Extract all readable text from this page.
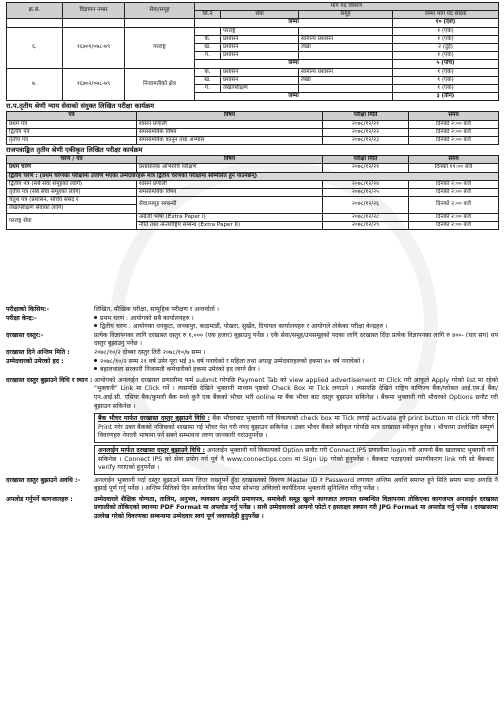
क्र.सं.	विज्ञापन नम्बर	सेवा/समूह	माग पद विवरण			
			सि.न	सेवा	समूह	जम्मा माग पद संख्या
			जम्मा			१० (दश)
६.	१६७०१/०७८-७९	परराष्ट्र		परराष्ट्र		१ (एक)
			क.	प्रशासन	सामान्य प्रशासन	१ (एक)
			ख.	प्रशासन	लेखा	२ (दुई)
			ग.	प्रशासन		१ (एक)
			जम्मा			५ (पाँच)
७.	१६७०२/०७८-७९	निजामतीको क्षेत्र	क.	प्रशासन	सामान्य प्रशासन	१ (एक)
			ख.	प्रशासन	लेखा	१ (एक)
			ग.	लेखापरीक्षण		१ (एक)
			जम्मा			३ (तीन)
रा.प.तृतीय श्रेणी न्याय सेवाको संयुक्त लिखित परीक्षा कार्यक्रम
पत्र	विषय	परीक्षा मिति	समय
प्रथम पत्र	शासन प्रणाली	२०७८/१२/२१	दिनको २:०० बजे
द्वितीय पत्र	समसामयिक विषय	२०७८/१२/२२	दिनको २:०० बजे
तृतीय पत्र	समसामयिक कानून तथा अभ्यास	२०७८/१२/२३	दिनको २:०० बजे
राजपत्राङ्कित तृतीय श्रेणी एकीकृत लिखित परीक्षा कार्यक्रम
चरण / पत्र	विषय	परीक्षा मिति	समय
प्रथम चरण	प्रशासनिक अभिरुचि परीक्षण	२०७८/१२/२१	दिनको ११:०० बजे
द्वितीय चरण : (प्रथम चरणको परीक्षामा उत्तीर्ण भएका उम्मेदवारहरू मात्र द्वितीय चरणको परीक्षामा सम्मिलित हुन पाउनेछन्)			
द्वितीय पत्र (सबै सेवा समूहको लागि)	शासन प्रणाली	२०७८/१२/२४	दिनको २:०० बजे
तृतीय पत्र (सबै सेवा समूहको लागि)	समसामयिक विषय	२०७८/१२/२५	दिनको २:०० बजे
चतुर्थ पत्र (प्रशासन, सचिव संसद र	सेवा/समूह सम्बन्धी	२०७८/१२/२६	दिनको २:०० बजे
लेखापरीक्षण सेवाको लागि)			
परराष्ट्र सेवा	अंग्रेजी भाषा (Extra Paper I)	२०७८/१२/२८	दिनको २:०० बजे
	नीति तथा अन्तर्राष्ट्रिय सम्बन्ध (Extra Paper II)	२०७८/१२/२९	दिनको २:०० बजे
परीक्षाको किसिम:-	लिखित, मौखिक परीक्षा, सामूहिक परीक्षण र अन्तर्वार्ता ।
परीक्षा केन्द्र:-	प्रथम चरण : आयोगको सबै कार्यालयहरु ।
द्वितीय चरण : आयोगका धनकुटा, जनकपुर, काठमाडौं, पोखरा, सुर्खेत, दिपायल कार्यालयहरु र आयोगले तोकेका परीक्षा केन्द्रहरु ।
दरखास्त दस्तुर:-	प्रत्येक विज्ञापनका लागि दरखास्त दस्तुर रु १,००० (एक हजार) बुझाउनु पर्नेछ । एकै सेवा/समूह/उपसमूहको पदका लागि दरखास्त दिँदा प्रत्येक विज्ञापनका लागि रु ४००- (चार सय) थप दस्तुर बुझाउनु पर्नेछ ।
दरखास्त दिने अन्तिम मिति :	२०७८/१०/२ दोब्बर दस्तुर तिरी २०७८/१०/७ सम्म ।
उम्मेदवारको उमेरको हद :	२०७८/१०/२ सम्म २१ वर्ष उमेर पूरा भई ३५ वर्ष ननाघेको र महिला तथा अपाङ्ग उम्मेदवारहरुको हकमा ४० वर्ष ननाघेको ।
बहालवाला सरकारी निजामती कर्मचारीको हकमा उमेरको हद लाग्ने छैन ।
दरखास्त दस्तुर बुझाउने विधि र स्थान : आयोगको अनलाईन दरखास्त प्रणालीमा फर्म submit गरेपछि Payment Tab को view applied advertisement मा Click गरी आफूले Apply गरेको list मा रहेको "भुक्तानी" Link मा Click गर्ने । त्यसपछि देखिने भुक्तानी माध्यम पृष्ठको Check Box मा Tick लगाउने । त्यसपछि देखिने राष्ट्रिय वाणिज्य बैंक/ग्लोबल आई.एम.ई बैंक/एन.आई.सी. एसिया बैंक/कुमारी बैंक मध्ये कुनै एक बैंकको भौचर भरी online मा बैंक भौचर बाट दस्तुर बुझाउन सकिनेछ । बैंकमा भुक्तानी गरी भौचरको Options छनौट गरी बुझाउन सकिनेछ ।
बैंक भौचर मार्फत दरखास्त दस्तुर बुझाउने विधि : बैंक भौचरबाट भुक्तानी गर्ने विकल्पको check box मा Tick लगाई activate हुने print button मा click गरी भौचर Print गरेर उक्त बैंकको नजिकको शाखामा गई भौचर पेश गरी नगद बुझाउन सकिनेछ । उक्त भौचर बैंकले स्वीकृत गरेपछि मात्र दरखास्त स्वीकृत हुनेछ । भौचरमा उल्लेखित सम्पूर्ण विवरणहरु नेपाली भाषामा पर्न सक्ने सम्भावना तरुण जानकारी गराउनुपर्नेछ ।
अनलाईन मार्फत दरखास्त दस्तुर बुझाउने विधि : अनलाईन भुक्तानी गर्ने विकल्पको Option छनौट गरी Connect IPS प्रणालीमा login गरी आफ्नो बैंक खाताबाट भुक्तानी गर्न सकिनेछ । Connect IPS को सेवा प्रयोग गर्न पूर्व नै www.connectips.com मा Sign Up गरेको हुनुपर्नेछ । बैंकबाट पठाइएको प्रमाणीकरण link गरी सो बैंकबाट verify गराएको हुनुपर्नेछ ।
दरखास्त दस्तुर बुझाउने अवधि :-	अनलाईन भुक्तानी गर्दा दस्तुर बुझाउने समय लिएर राख्नुपर्ने हुँदा दरखास्तको विवरण Master ID र Password लगायत अन्तिम अवधि समाप्त हुने मिति समय भन्दा अगाडि नै बुझाई पूर्ण गर्नु पर्नेछ । अन्तिम मितिको दिन सार्वजनिक बिदा परेमा सोभन्दा अघिल्लो कार्यदिनमा भुक्तानी सुनिश्चित गरिनु पर्नेछ ।
अपलोड गर्नुपर्ने कागजातहरु :	उम्मेदवारले शैक्षिक योग्यता, तालिम, अनुभव, व्यवसाय अनुमति प्रमाणपत्र, समावेशी समूह खुल्ने कागजात लगायत सम्बन्धित विज्ञापनमा तोकिएका कागजपत्र अनलाईन दरखास्त प्रणालीको तोकिएको स्थानमा PDF Format मा अपलोड गर्नु पर्नेछ । साथै उम्मेदवारको आफ्नो फोटो र हस्ताक्षर स्क्यान गरी JPG Format मा अपलोड गर्नु पर्नेछ । दरखास्तमा उल्लेख गरेको विवरणका सम्बन्धमा उम्मेदवार स्वयं पूर्ण जवाफदेही हुनुपर्नेछ ।
